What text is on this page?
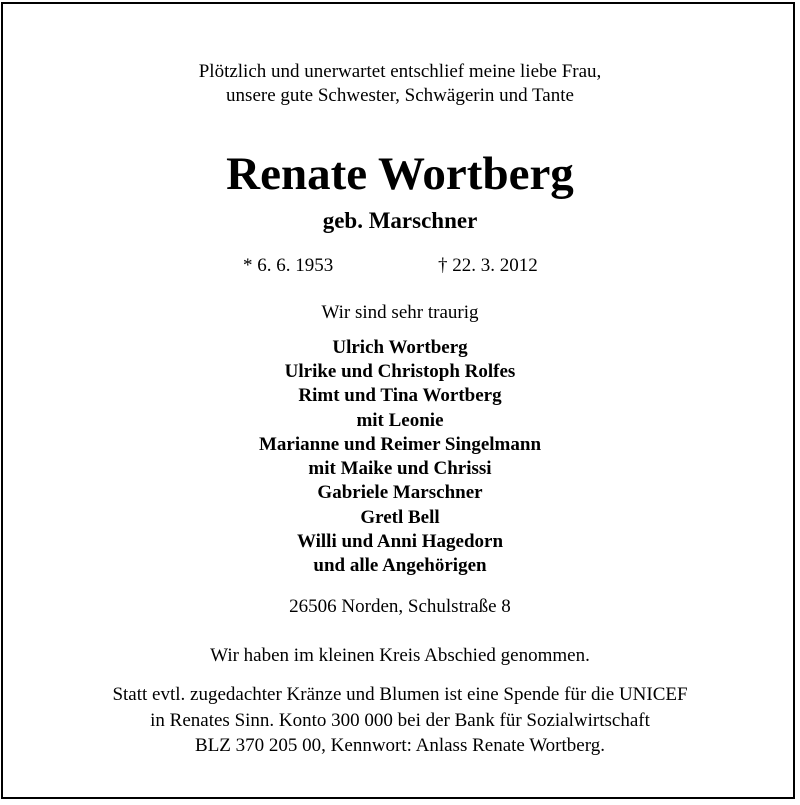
Plötzlich und unerwartet entschlief meine liebe Frau,
unsere gute Schwester, Schwägerin und Tante
Renate Wortberg
geb. Marschner
* 6. 6. 1953	† 22. 3. 2012
Wir sind sehr traurig
Ulrich Wortberg
Ulrike und Christoph Rolfes
Rimt und Tina Wortberg
mit Leonie
Marianne und Reimer Singelmann
mit Maike und Chrissi
Gabriele Marschner
Gretl Bell
Willi und Anni Hagedorn
und alle Angehörigen
26506 Norden, Schulstraße 8
Wir haben im kleinen Kreis Abschied genommen.
Statt evtl. zugedachter Kränze und Blumen ist eine Spende für die UNICEF
in Renates Sinn. Konto 300 000 bei der Bank für Sozialwirtschaft
BLZ 370 205 00, Kennwort: Anlass Renate Wortberg.
